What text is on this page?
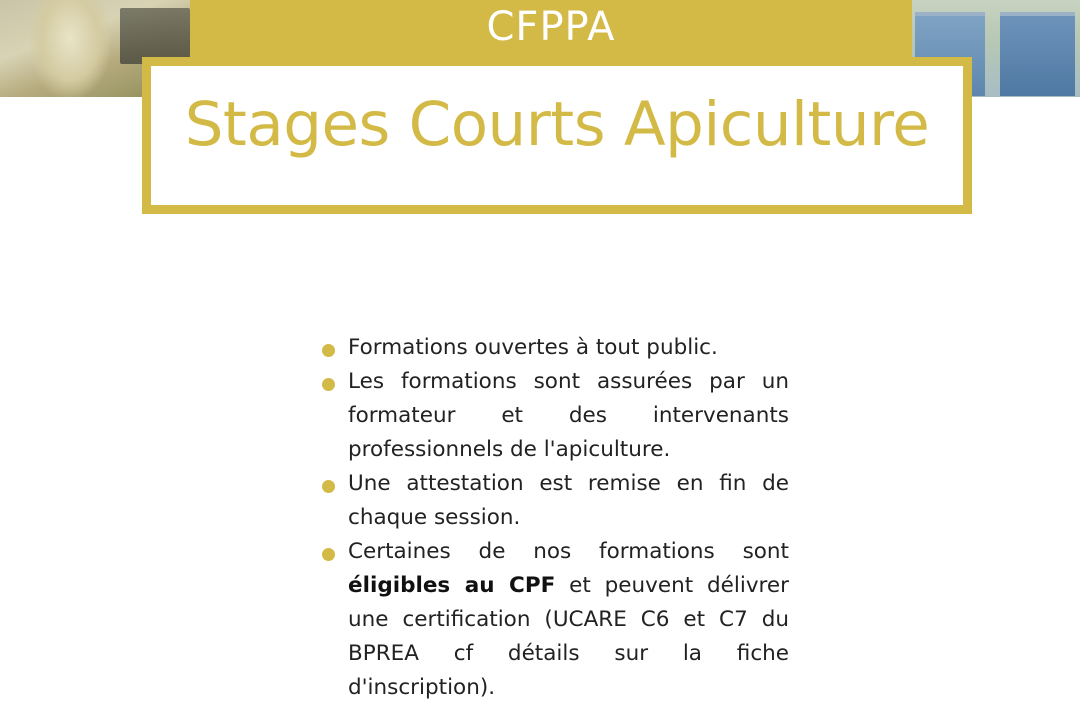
CFPPA
Stages Courts Apiculture
Formations ouvertes à tout public.
Les formations sont assurées par un formateur et des intervenants professionnels de l'apiculture.
Une attestation est remise en fin de chaque session.
Certaines de nos formations sont éligibles au CPF et peuvent délivrer une certification (UCARE C6 et C7 du BPREA cf détails sur la fiche d'inscription).
